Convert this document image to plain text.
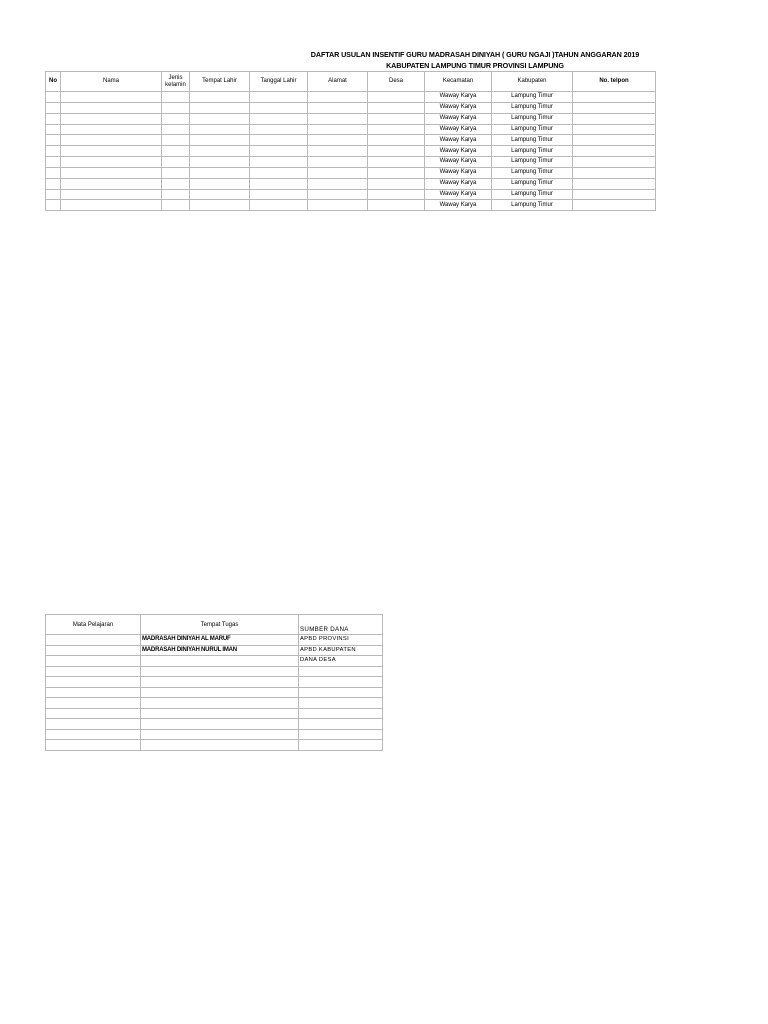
DAFTAR USULAN INSENTIF GURU MADRASAH DINIYAH ( GURU NGAJI )TAHUN ANGGARAN 2019
KABUPATEN LAMPUNG TIMUR PROVINSI LAMPUNG
No	Nama	Jenis kelamin	Tempat Lahir	Tanggal Lahir	Alamat	Desa	Kecamatan	Kabupaten	No. telpon
							Waway Karya	Lampung Timur	
							Waway Karya	Lampung Timur	
							Waway Karya	Lampung Timur	
							Waway Karya	Lampung Timur	
							Waway Karya	Lampung Timur	
							Waway Karya	Lampung Timur	
							Waway Karya	Lampung Timur	
							Waway Karya	Lampung Timur	
							Waway Karya	Lampung Timur	
							Waway Karya	Lampung Timur	
							Waway Karya	Lampung Timur	
Mata Pelajaran	Tempat Tugas	SUMBER DANA
	MADRASAH DINIYAH AL MARUF	APBD PROVINSI
	MADRASAH DINIYAH NURUL IMAN	APBD KABUPATEN
		DANA DESA
